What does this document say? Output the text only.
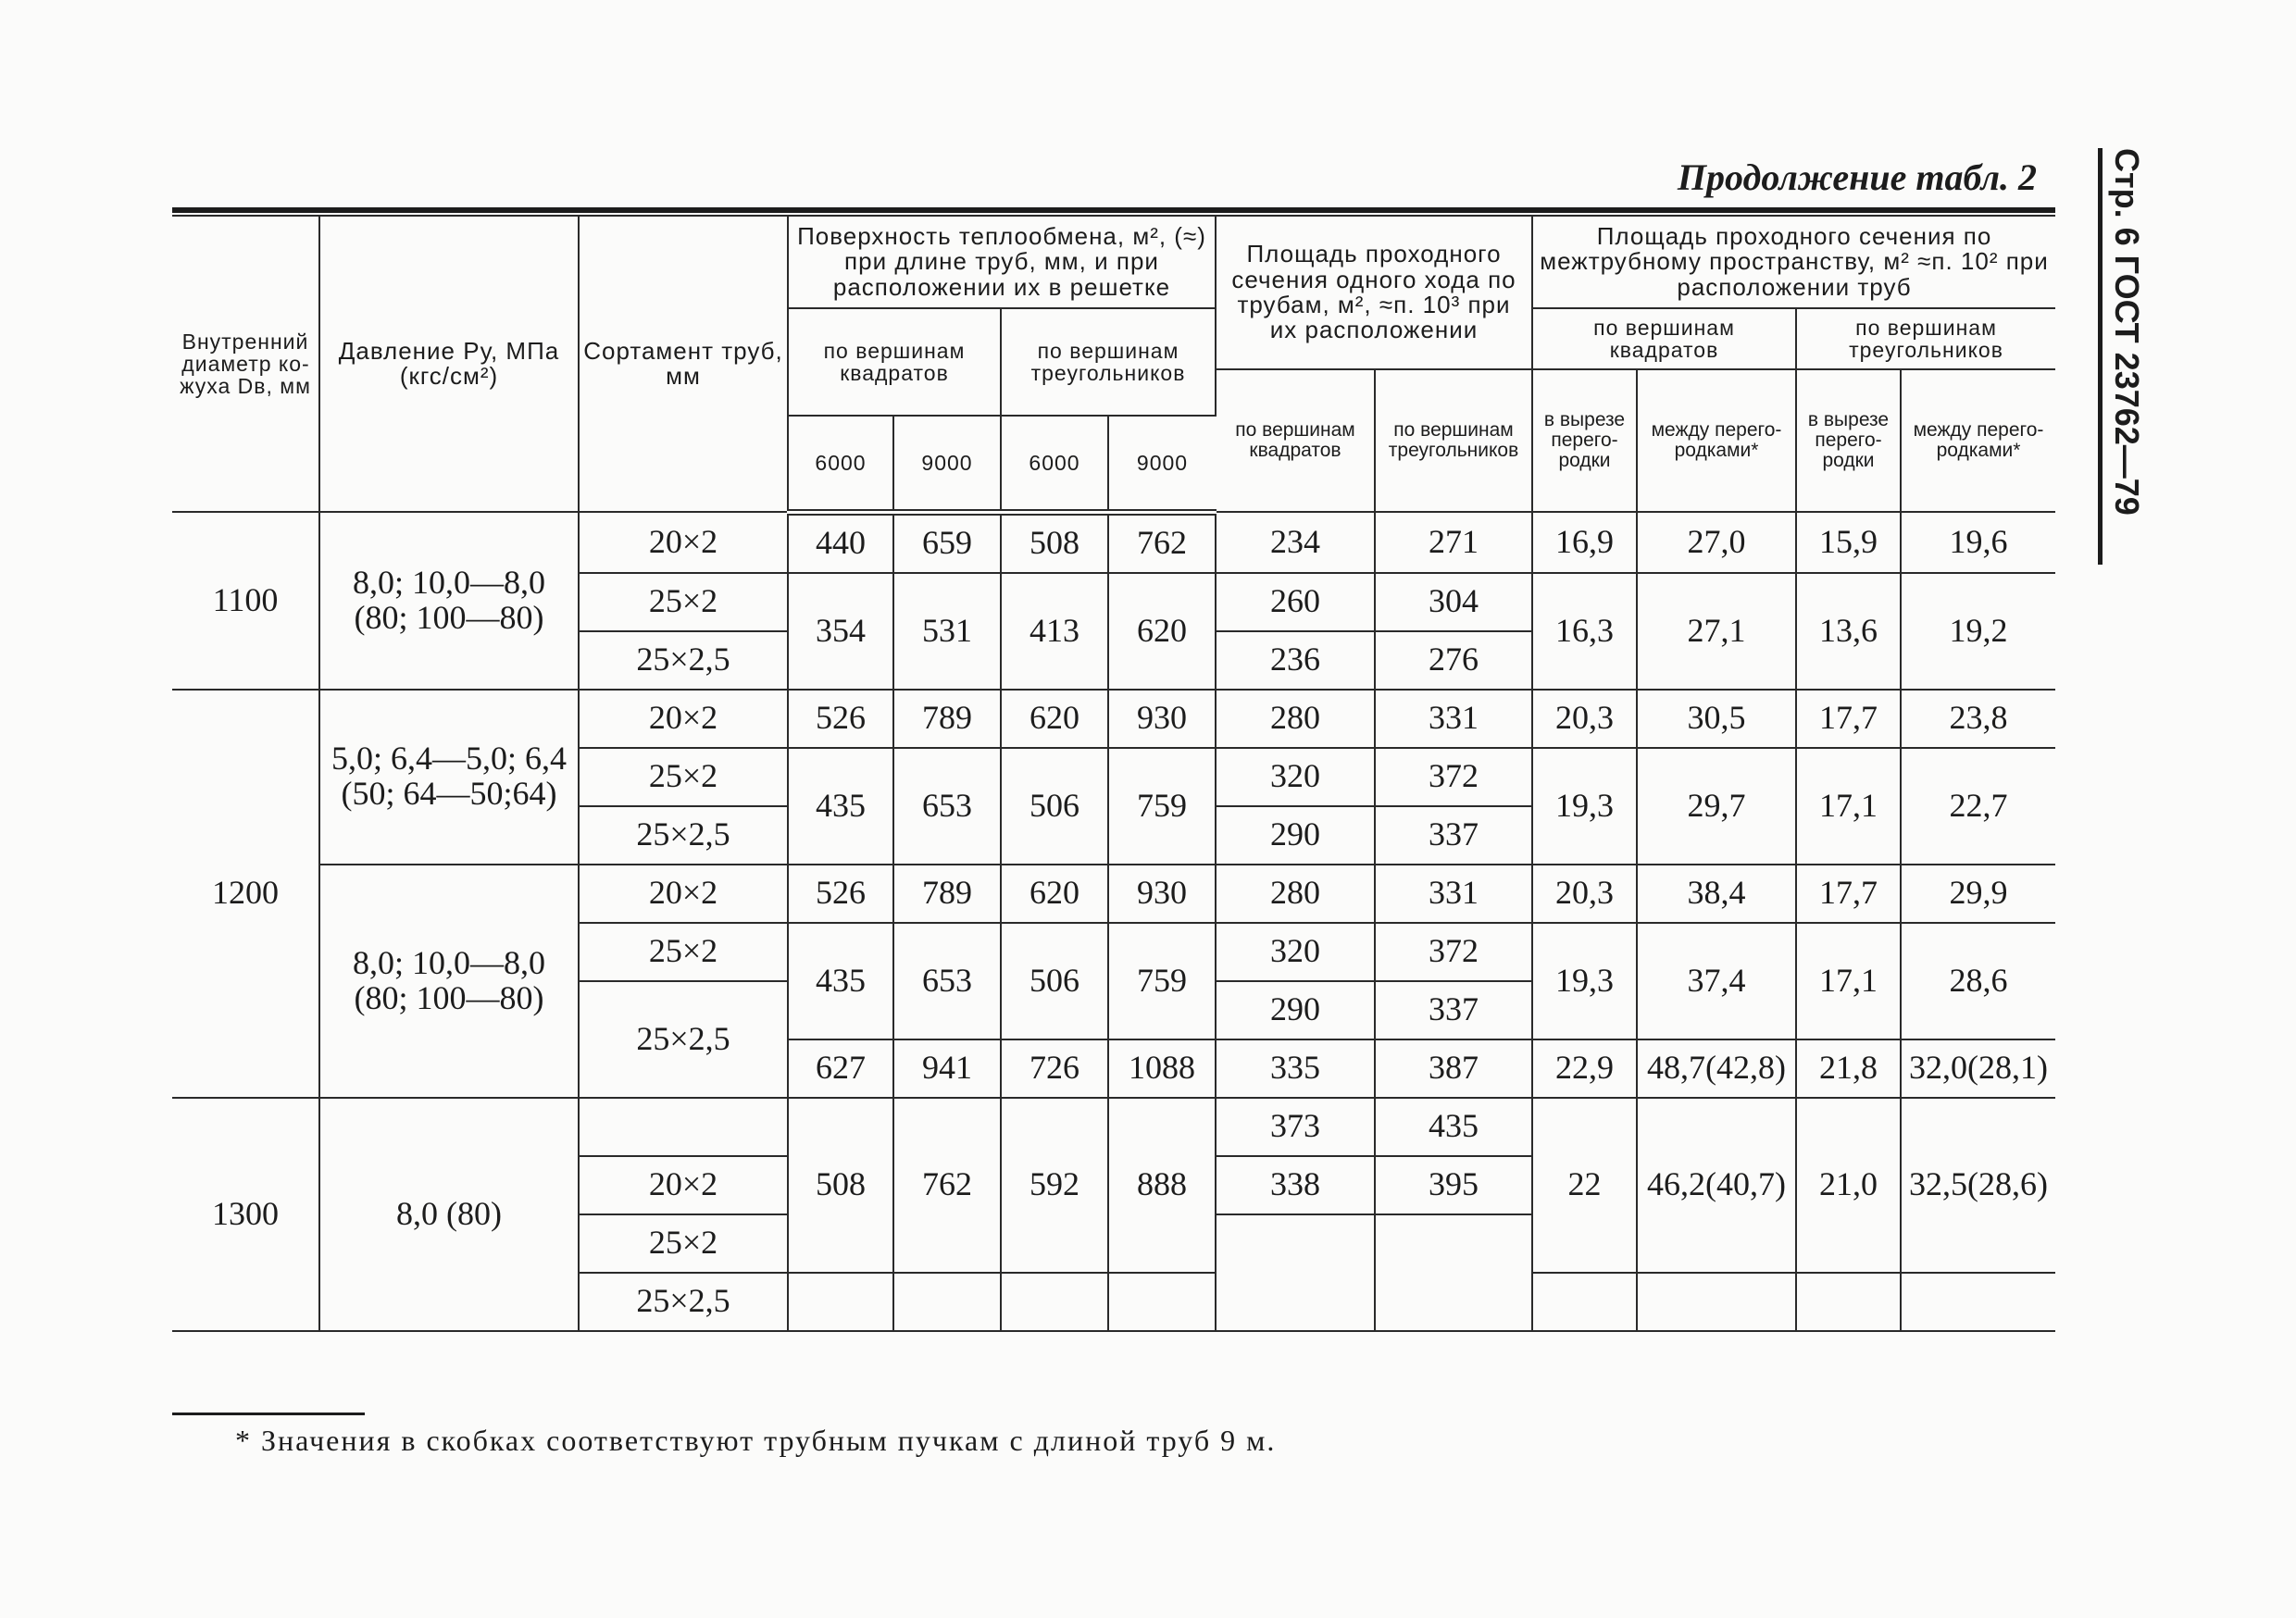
Продолжение табл. 2 Стр. 6 ГОСТ 23762—79
Внутренний диаметр кожуха Dв, мм	Давление Pу, МПа (кгс/см²)	Сортамент труб, мм	Поверхность теплообмена, м², (≈) при длине труб, мм, и при расположении их в решетке				Площадь проходного сечения одного хода по трубам, м², ≈п. 10³ при их расположении		Площадь проходного сечения по межтрубному пространству, м² ≈п. 10² при расположении труб			
			по вершинам квадратов		по вершинам треугольников				по вершинам квадратов		по вершинам треугольников	
							по вершинам квадратов	по вершинам треугольников	в вырезе перегородки	между перегородками*	в вырезе перегородки	между перегородками*
			6000	9000	6000	9000						
1100	8,0; 10,0—8,0 (80; 100—80)	20×2	440	659	508	762	234	271	16,9	27,0	15,9	19,6
		25×2	354	531	413	620	260	304	16,3	27,1	13,6	19,2
		25×2,5					236	276				
1200	5,0; 6,4—5,0; 6,4 (50; 64—50;64)	20×2	526	789	620	930	280	331	20,3	30,5	17,7	23,8
		25×2	435	653	506	759	320	372	19,3	29,7	17,1	22,7
		25×2,5					290	337				
	8,0; 10,0—8,0 (80; 100—80)	20×2	526	789	620	930	280	331	20,3	38,4	17,7	29,9
		25×2	435	653	506	759	320	372	19,3	37,4	17,1	28,6
		25×2,5					290	337				
			627	941	726	1088	335	387	22,9	48,7(42,8)	21,8	32,0(28,1)
1300	8,0 (80)		508	762	592	888	373	435	22	46,2(40,7)	21,0	32,5(28,6)
		20×2					338	395				
		25×2										
		25×2,5										
* Значения в скобках соответствуют трубным пучкам с длиной труб 9 м.
